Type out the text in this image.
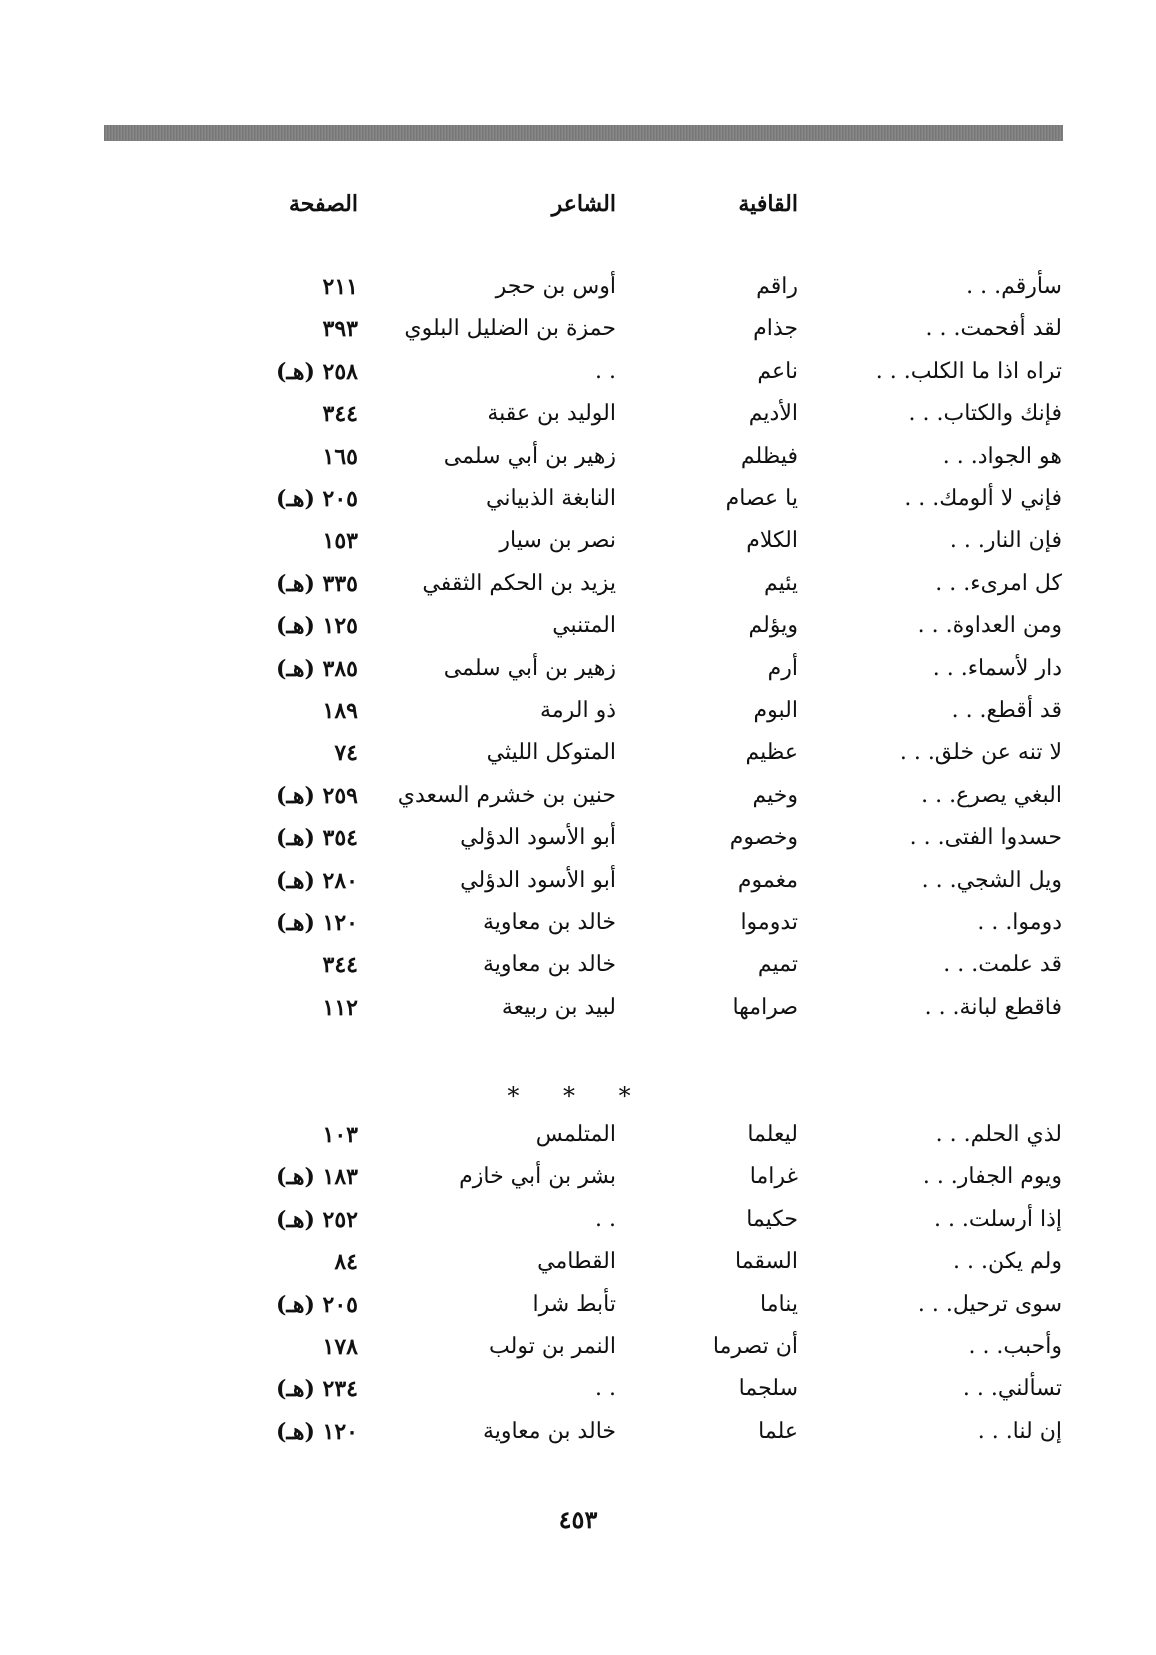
القافية
الشاعر
الصفحة
سأرقم. . .
راقم
أوس بن حجر
٢١١
لقد أفحمت. . .
جذام
حمزة بن الضليل البلوي
٣٩٣
تراه اذا ما الكلب. . .
ناعم
. .
٢٥٨ (هـ)
فإنك والكتاب. . .
الأديم
الوليد بن عقبة
٣٤٤
هو الجواد. . .
فيظلم
زهير بن أبي سلمى
١٦٥
فإني لا ألومك. . .
يا عصام
النابغة الذبياني
٢٠٥ (هـ)
فإن النار. . .
الكلام
نصر بن سيار
١٥٣
كل امرىء. . .
يئيم
يزيد بن الحكم الثقفي
٣٣٥ (هـ)
ومن العداوة. . .
ويؤلم
المتنبي
١٢٥ (هـ)
دار لأسماء. . .
أرم
زهير بن أبي سلمى
٣٨٥ (هـ)
قد أقطع. . .
البوم
ذو الرمة
١٨٩
لا تنه عن خلق. . .
عظيم
المتوكل الليثي
٧٤
البغي يصرع. . .
وخيم
حنين بن خشرم السعدي
٢٥٩ (هـ)
حسدوا الفتى. . .
وخصوم
أبو الأسود الدؤلي
٣٥٤ (هـ)
ويل الشجي. . .
مغموم
أبو الأسود الدؤلي
٢٨٠ (هـ)
دوموا. . .
تدوموا
خالد بن معاوية
١٢٠ (هـ)
قد علمت. . .
تميم
خالد بن معاوية
٣٤٤
فاقطع لبانة. . .
صرامها
لبيد بن ربيعة
١١٢
* * *
لذي الحلم. . .
ليعلما
المتلمس
١٠٣
ويوم الجفار. . .
غراما
بشر بن أبي خازم
١٨٣ (هـ)
إذا أرسلت. . .
حكيما
. .
٢٥٢ (هـ)
ولم يكن. . .
السقما
القطامي
٨٤
سوى ترحيل. . .
يناما
تأبط شرا
٢٠٥ (هـ)
وأحبب. . .
أن تصرما
النمر بن تولب
١٧٨
تسألني. . .
سلجما
. .
٢٣٤ (هـ)
إن لنا. . .
علما
خالد بن معاوية
١٢٠ (هـ)
٤٥٣
